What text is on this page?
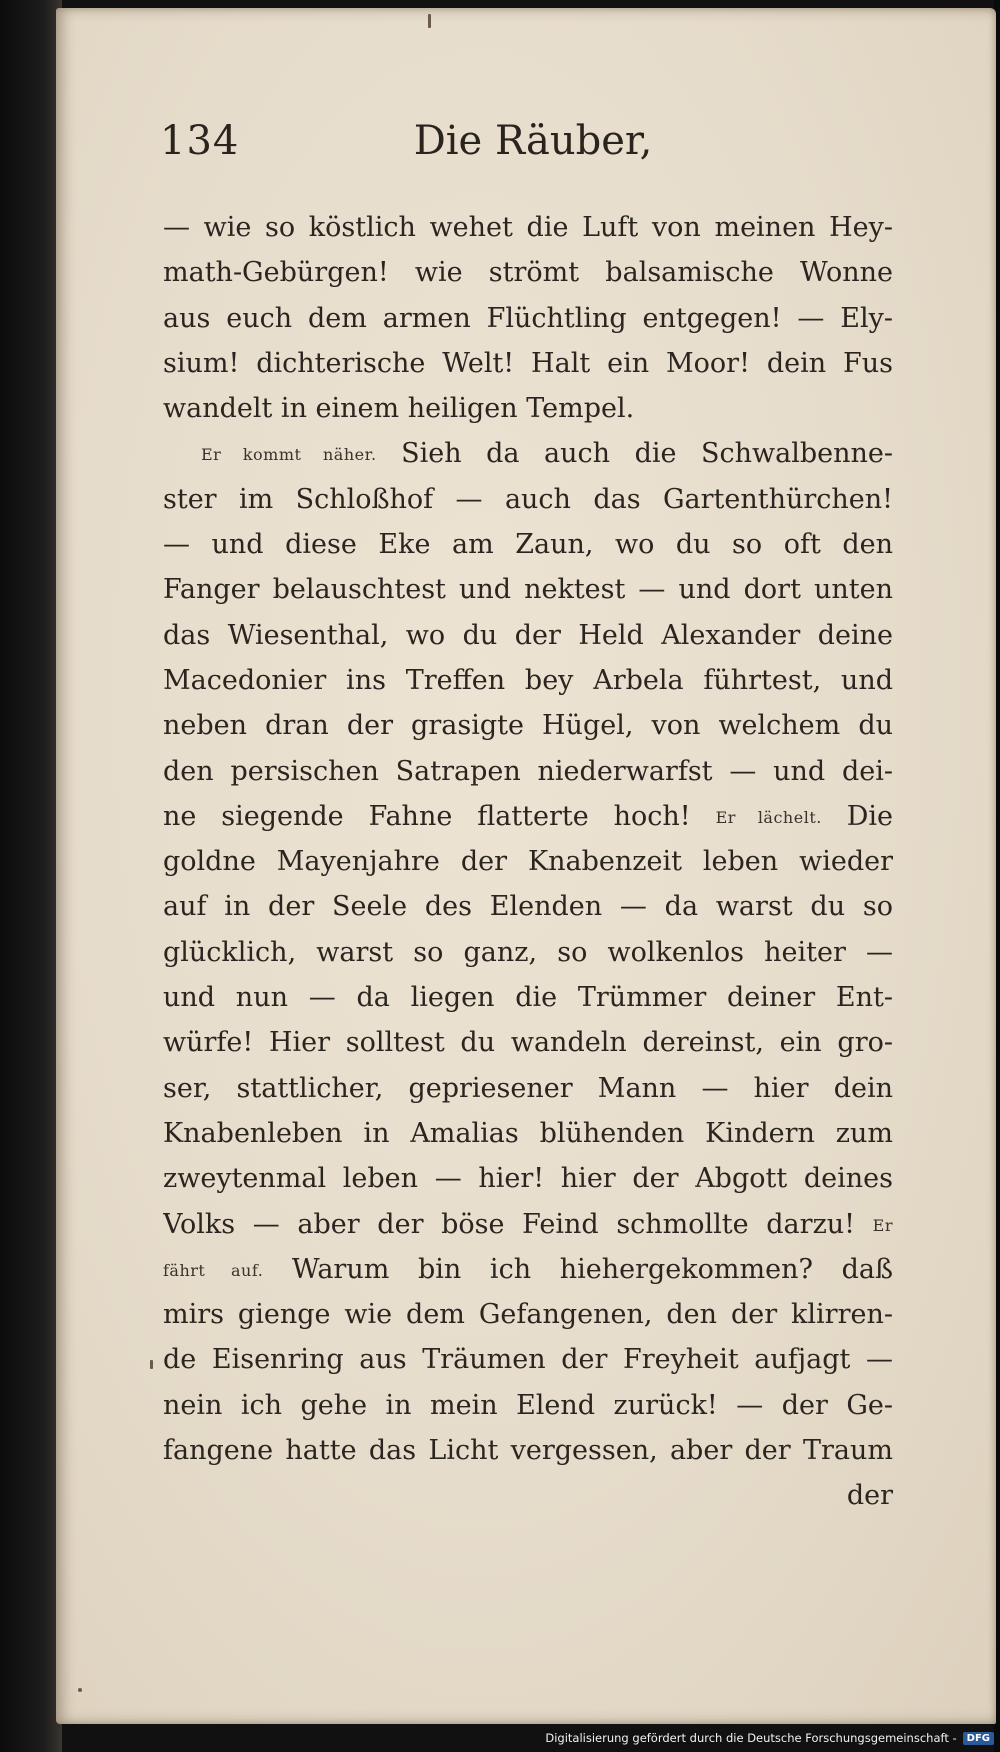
134	Die Räuber,
— wie so köstlich wehet die Luft von meinen Hey-
math-Gebürgen! wie strömt balsamische Wonne
aus euch dem armen Flüchtling entgegen! — Ely-
sium! dichterische Welt! Halt ein Moor! dein Fus
wandelt in einem heiligen Tempel.
Er kommt näher. Sieh da auch die Schwalbenne-
ster im Schloßhof — auch das Gartenthürchen!
— und diese Eke am Zaun, wo du so oft den
Fanger belauschtest und nektest — und dort unten
das Wiesenthal, wo du der Held Alexander deine
Macedonier ins Treffen bey Arbela führtest, und
neben dran der grasigte Hügel, von welchem du
den persischen Satrapen niederwarfst — und dei-
ne siegende Fahne flatterte hoch! Er lächelt. Die
goldne Mayenjahre der Knabenzeit leben wieder
auf in der Seele des Elenden — da warst du so
glücklich, warst so ganz, so wolkenlos heiter —
und nun — da liegen die Trümmer deiner Ent-
würfe! Hier solltest du wandeln dereinst, ein gro-
ser, stattlicher, gepriesener Mann — hier dein
Knabenleben in Amalias blühenden Kindern zum
zweytenmal leben — hier! hier der Abgott deines
Volks — aber der böse Feind schmollte darzu! Er
fährt auf. Warum bin ich hiehergekommen? daß
mirs gienge wie dem Gefangenen, den der klirren-
de Eisenring aus Träumen der Freyheit aufjagt —
nein ich gehe in mein Elend zurück! — der Ge-
fangene hatte das Licht vergessen, aber der Traum
der
Digitalisierung gefördert durch die Deutsche Forschungsgemeinschaft -	DFG
